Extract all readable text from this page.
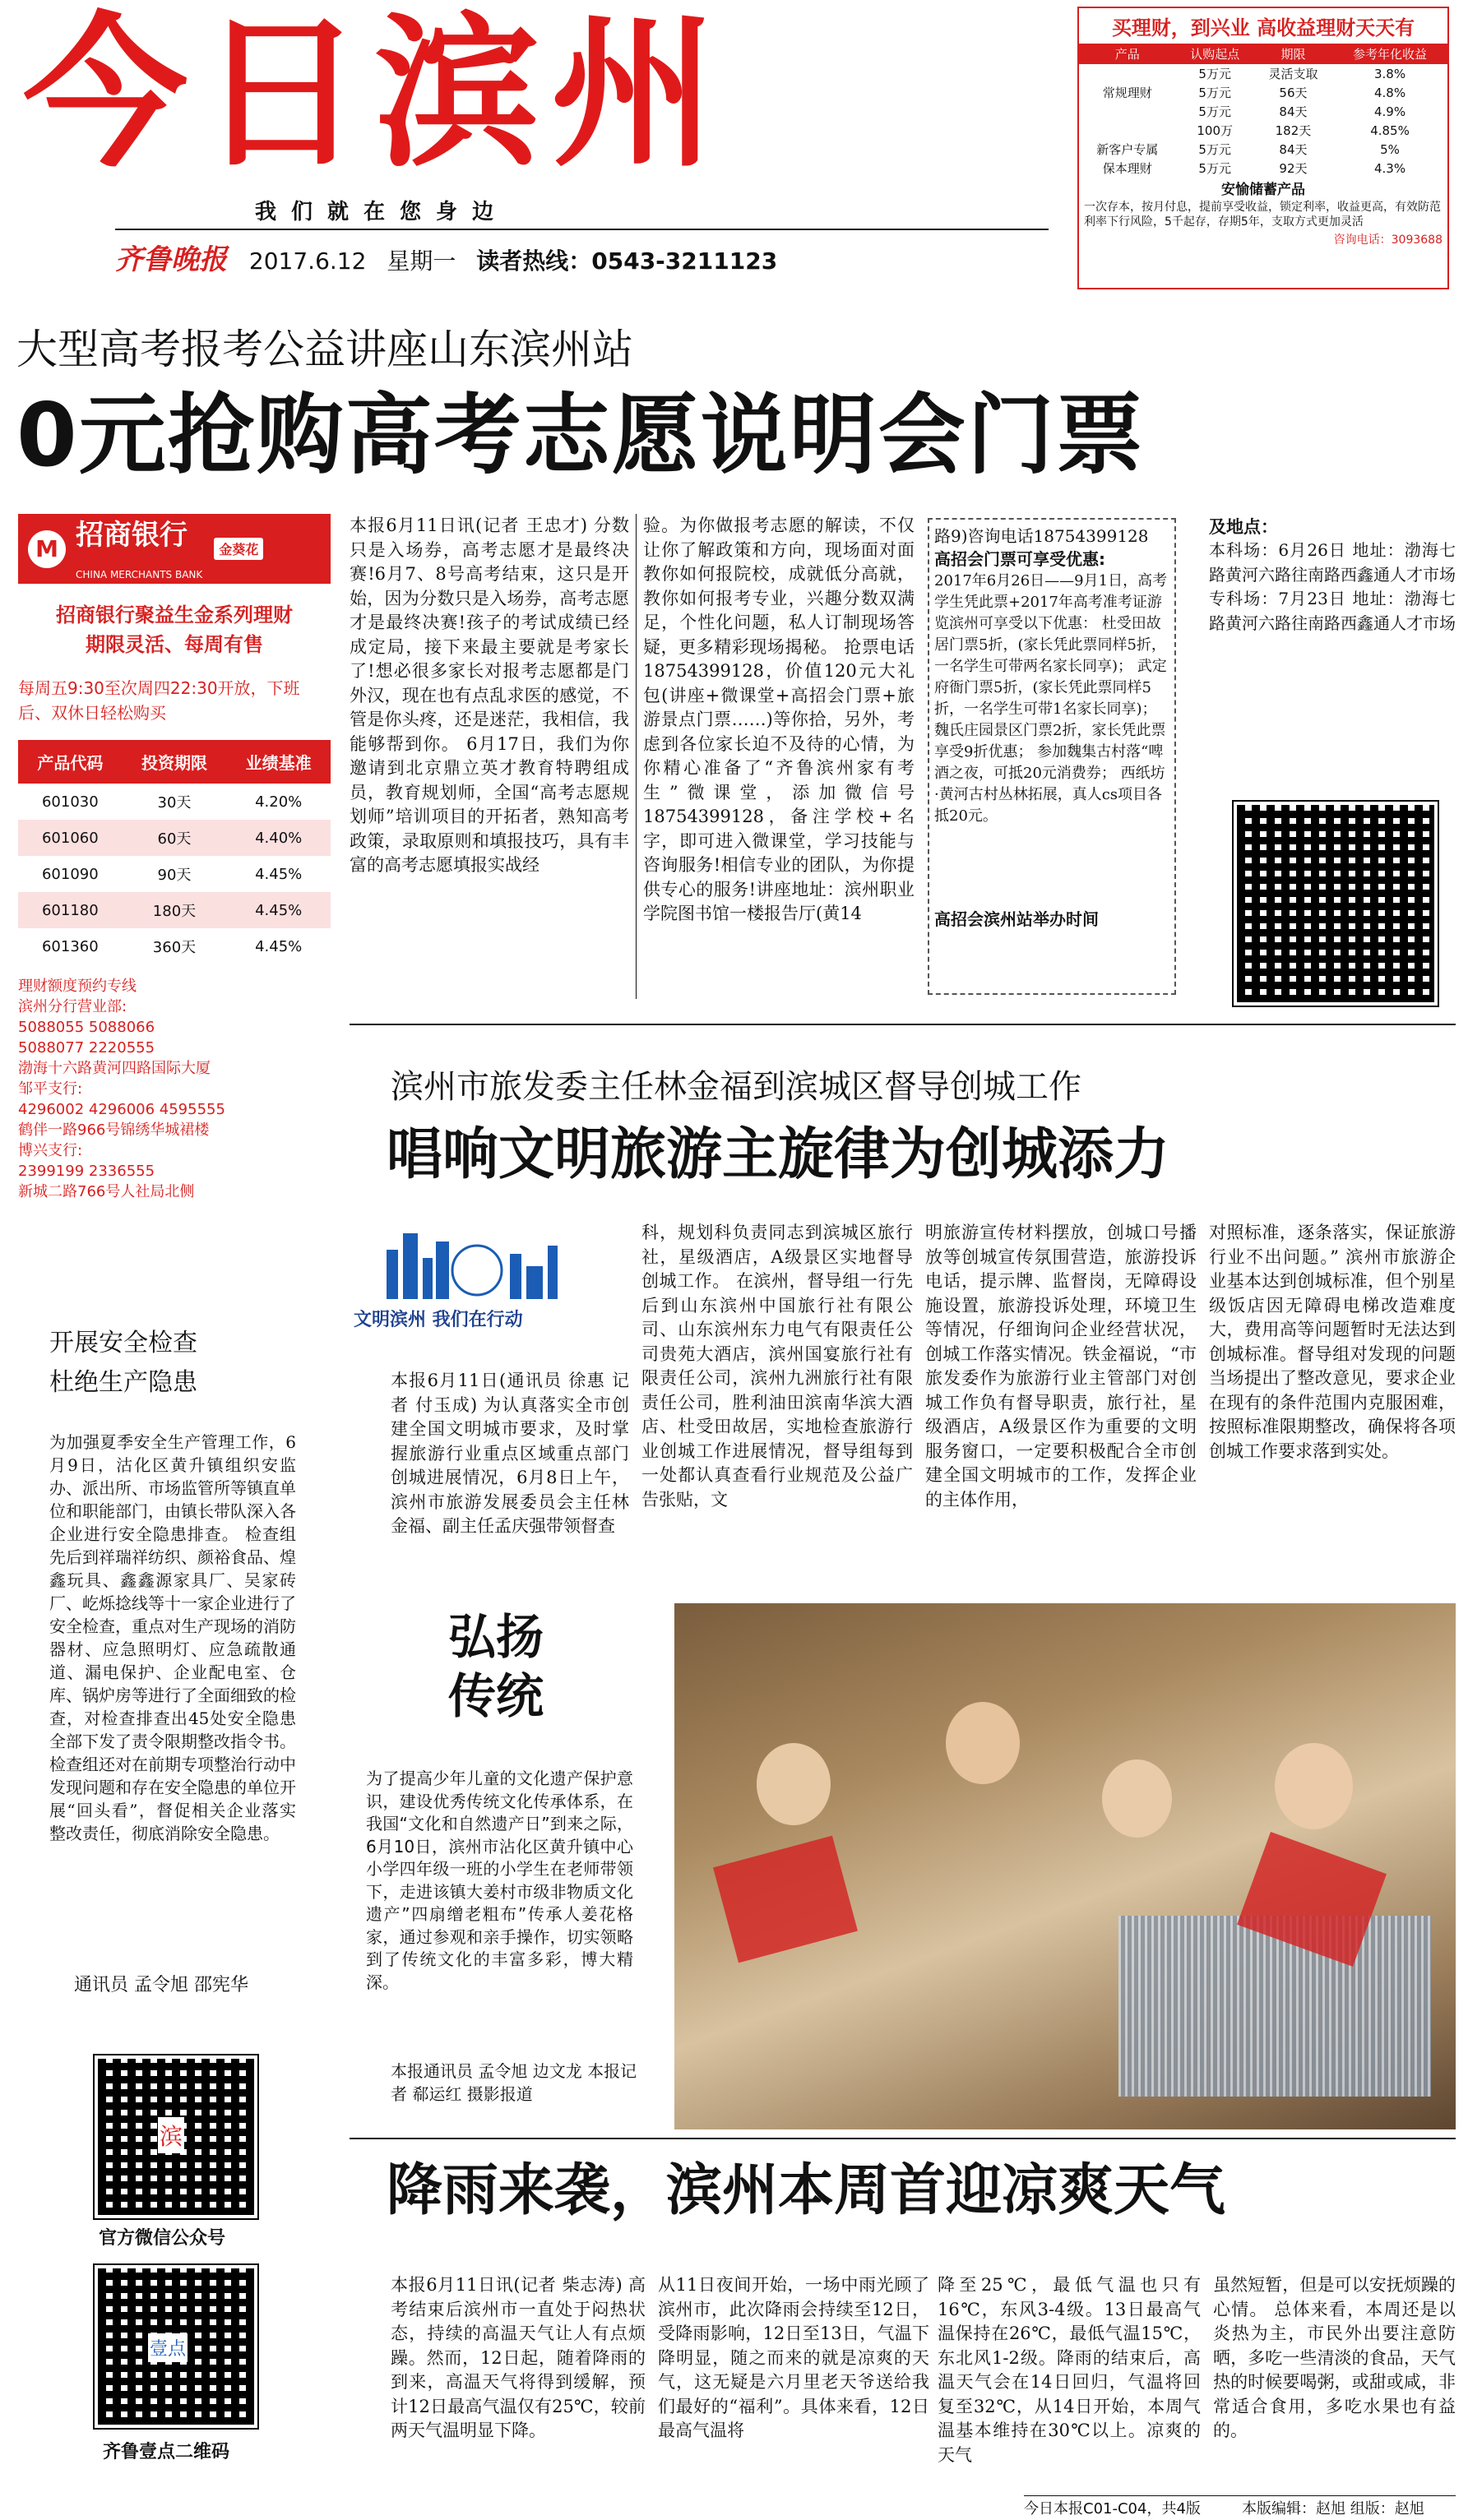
今日滨州
我们就在您身边
齐鲁晚报 2017.6.12 星期一 读者热线：0543-3211123
买理财，到兴业 高收益理财天天有
产品	认购起点	期限	参考年化收益
	5万元	灵活支取	3.8%
常规理财	5万元	56天	4.8%
	5万元	84天	4.9%
	100万	182天	4.85%
新客户专属	5万元	84天	5%
保本理财	5万元	92天	4.3%
安愉储蓄产品
一次存本，按月付息，提前享受收益，锁定利率，收益更高，有效防范利率下行风险，5千起存，存期5年，支取方式更加灵活
咨询电话：3093688
大型高考报考公益讲座山东滨州站
0元抢购高考志愿说明会门票
M 招商银行
CHINA MERCHANTS BANK
金葵花
招商银行聚益生金系列理财
期限灵活、每周有售
每周五9:30至次周四22:30开放，下班后、双休日轻松购买
产品代码	投资期限	业绩基准
601030	30天	4.20%
601060	60天	4.40%
601090	90天	4.45%
601180	180天	4.45%
601360	360天	4.45%
理财额度预约专线
滨州分行营业部:
5088055 5088066
5088077 2220555
渤海十六路黄河四路国际大厦
邹平支行:
4296002 4296006 4595555
鹤伴一路966号锦绣华城裙楼
博兴支行:
2399199 2336555
新城二路766号人社局北侧
本报6月11日讯(记者 王忠才) 分数只是入场券，高考志愿才是最终决赛!6月7、8号高考结束，这只是开始，因为分数只是入场券，高考志愿才是最终决赛!孩子的考试成绩已经成定局，接下来最主要就是考家长了!想必很多家长对报考志愿都是门外汉，现在也有点乱求医的感觉，不管是你头疼，还是迷茫，我相信，我能够帮到你。 6月17日，我们为你邀请到北京鼎立英才教育特聘组成员，教育规划师，全国“高考志愿规划师”培训项目的开拓者，熟知高考政策，录取原则和填报技巧，具有丰富的高考志愿填报实战经
验。为你做报考志愿的解读，不仅让你了解政策和方向，现场面对面教你如何报院校，成就低分高就，教你如何报考专业，兴趣分数双满足，个性化问题，私人订制现场答疑，更多精彩现场揭秘。 抢票电话18754399128，价值120元大礼包(讲座+微课堂+高招会门票+旅游景点门票……)等你拾，另外，考虑到各位家长迫不及待的心情，为你精心准备了“齐鲁滨州家有考生”微课堂，添加微信号18754399128，备注学校+名字，即可进入微课堂，学习技能与咨询服务!相信专业的团队，为你提供专心的服务!讲座地址：滨州职业学院图书馆一楼报告厅(黄14
路9)咨询电话18754399128
高招会门票可享受优惠:
2017年6月26日——9月1日，高考学生凭此票+2017年高考准考证游览滨州可享受以下优惠： 杜受田故居门票5折，(家长凭此票同样5折，一名学生可带两名家长同享)； 武定府衙门票5折，(家长凭此票同样5折，一名学生可带1名家长同享)； 魏氏庄园景区门票2折，家长凭此票享受9折优惠； 参加魏集古村落“啤酒之夜，可抵20元消费券； 西纸坊·黄河古村丛林拓展，真人cs项目各抵20元。
高招会滨州站举办时间
及地点：
本科场：6月26日 地址：渤海七路黄河六路往南路西鑫通人才市场 专科场：7月23日 地址：渤海七路黄河六路往南路西鑫通人才市场
开展安全检查
杜绝生产隐患
为加强夏季安全生产管理工作，6月9日，沽化区黄升镇组织安监办、派出所、市场监管所等镇直单位和职能部门，由镇长带队深入各企业进行安全隐患排查。 检查组先后到祥瑞祥纺织、颜裕食品、煌鑫玩具、鑫鑫源家具厂、吴家砖厂、屹烁捻线等十一家企业进行了安全检查，重点对生产现场的消防器材、应急照明灯、应急疏散通道、漏电保护、企业配电室、仓库、锅炉房等进行了全面细致的检查，对检查排查出45处安全隐患全部下发了责令限期整改指令书。检查组还对在前期专项整治行动中发现问题和存在安全隐患的单位开展“回头看”，督促相关企业落实整改责任，彻底消除安全隐患。
通讯员 孟令旭 邵宪华
滨
官方微信公众号
壹点
齐鲁壹点二维码
滨州市旅发委主任林金福到滨城区督导创城工作
唱响文明旅游主旋律为创城添力
文明滨州 我们在行动
本报6月11日(通讯员 徐惠 记者 付玉成) 为认真落实全市创建全国文明城市要求，及时掌握旅游行业重点区域重点部门创城进展情况，6月8日上午，滨州市旅游发展委员会主任林金福、副主任孟庆强带领督查
科，规划科负责同志到滨城区旅行社，星级酒店，A级景区实地督导创城工作。 在滨州，督导组一行先后到山东滨州中国旅行社有限公司、山东滨州东力电气有限责任公司贵苑大酒店，滨州国宴旅行社有限责任公司，滨州九洲旅行社有限责任公司，胜利油田滨南华滨大酒店、杜受田故居，实地检查旅游行业创城工作进展情况，督导组每到一处都认真查看行业规范及公益广告张贴，文
明旅游宣传材料摆放，创城口号播放等创城宣传氛围营造，旅游投诉电话，提示牌、监督岗，无障碍设施设置，旅游投诉处理，环境卫生等情况，仔细询问企业经营状况，创城工作落实情况。铁金福说，“市旅发委作为旅游行业主管部门对创城工作负有督导职责，旅行社，星级酒店，A级景区作为重要的文明服务窗口，一定要积极配合全市创建全国文明城市的工作，发挥企业的主体作用，
对照标准，逐条落实，保证旅游行业不出问题。” 滨州市旅游企业基本达到创城标准，但个别星级饭店因无障碍电梯改造难度大，费用高等问题暂时无法达到创城标准。督导组对发现的问题当场提出了整改意见，要求企业在现有的条件范围内克服困难，按照标准限期整改，确保将各项创城工作要求落到实处。
弘扬
传统
为了提高少年儿童的文化遗产保护意识，建设优秀传统文化传承体系，在我国“文化和自然遗产日”到来之际，6月10日，滨州市沾化区黄升镇中心小学四年级一班的小学生在老师带领下，走进该镇大姜村市级非物质文化遗产”四扇缯老粗布”传承人姜花格家，通过参观和亲手操作，切实领略到了传统文化的丰富多彩，博大精深。
本报通讯员 孟令旭 边文龙 本报记者 郗运红 摄影报道
降雨来袭，滨州本周首迎凉爽天气
本报6月11日讯(记者 柴志涛) 高考结束后滨州市一直处于闷热状态，持续的高温天气让人有点烦躁。然而，12日起，随着降雨的到来，高温天气将得到缓解，预计12日最高气温仅有25℃，较前两天气温明显下降。
从11日夜间开始，一场中雨光顾了滨州市，此次降雨会持续至12日，受降雨影响，12日至13日，气温下降明显，随之而来的就是凉爽的天气，这无疑是六月里老天爷送给我们最好的“福利”。具体来看，12日最高气温将
降至25℃，最低气温也只有16℃，东风3-4级。13日最高气温保持在26℃，最低气温15℃，东北风1-2级。降雨的结束后，高温天气会在14日回归，气温将回复至32℃，从14日开始，本周气温基本维持在30℃以上。凉爽的天气
虽然短暂，但是可以安抚烦躁的心情。 总体来看，本周还是以炎热为主，市民外出要注意防晒，多吃一些清淡的食品，天气热的时候要喝粥，或甜或咸，非常适合食用，多吃水果也有益的。
今日本报C01-C04，共4版	本版编辑：赵旭 组版：赵旭
